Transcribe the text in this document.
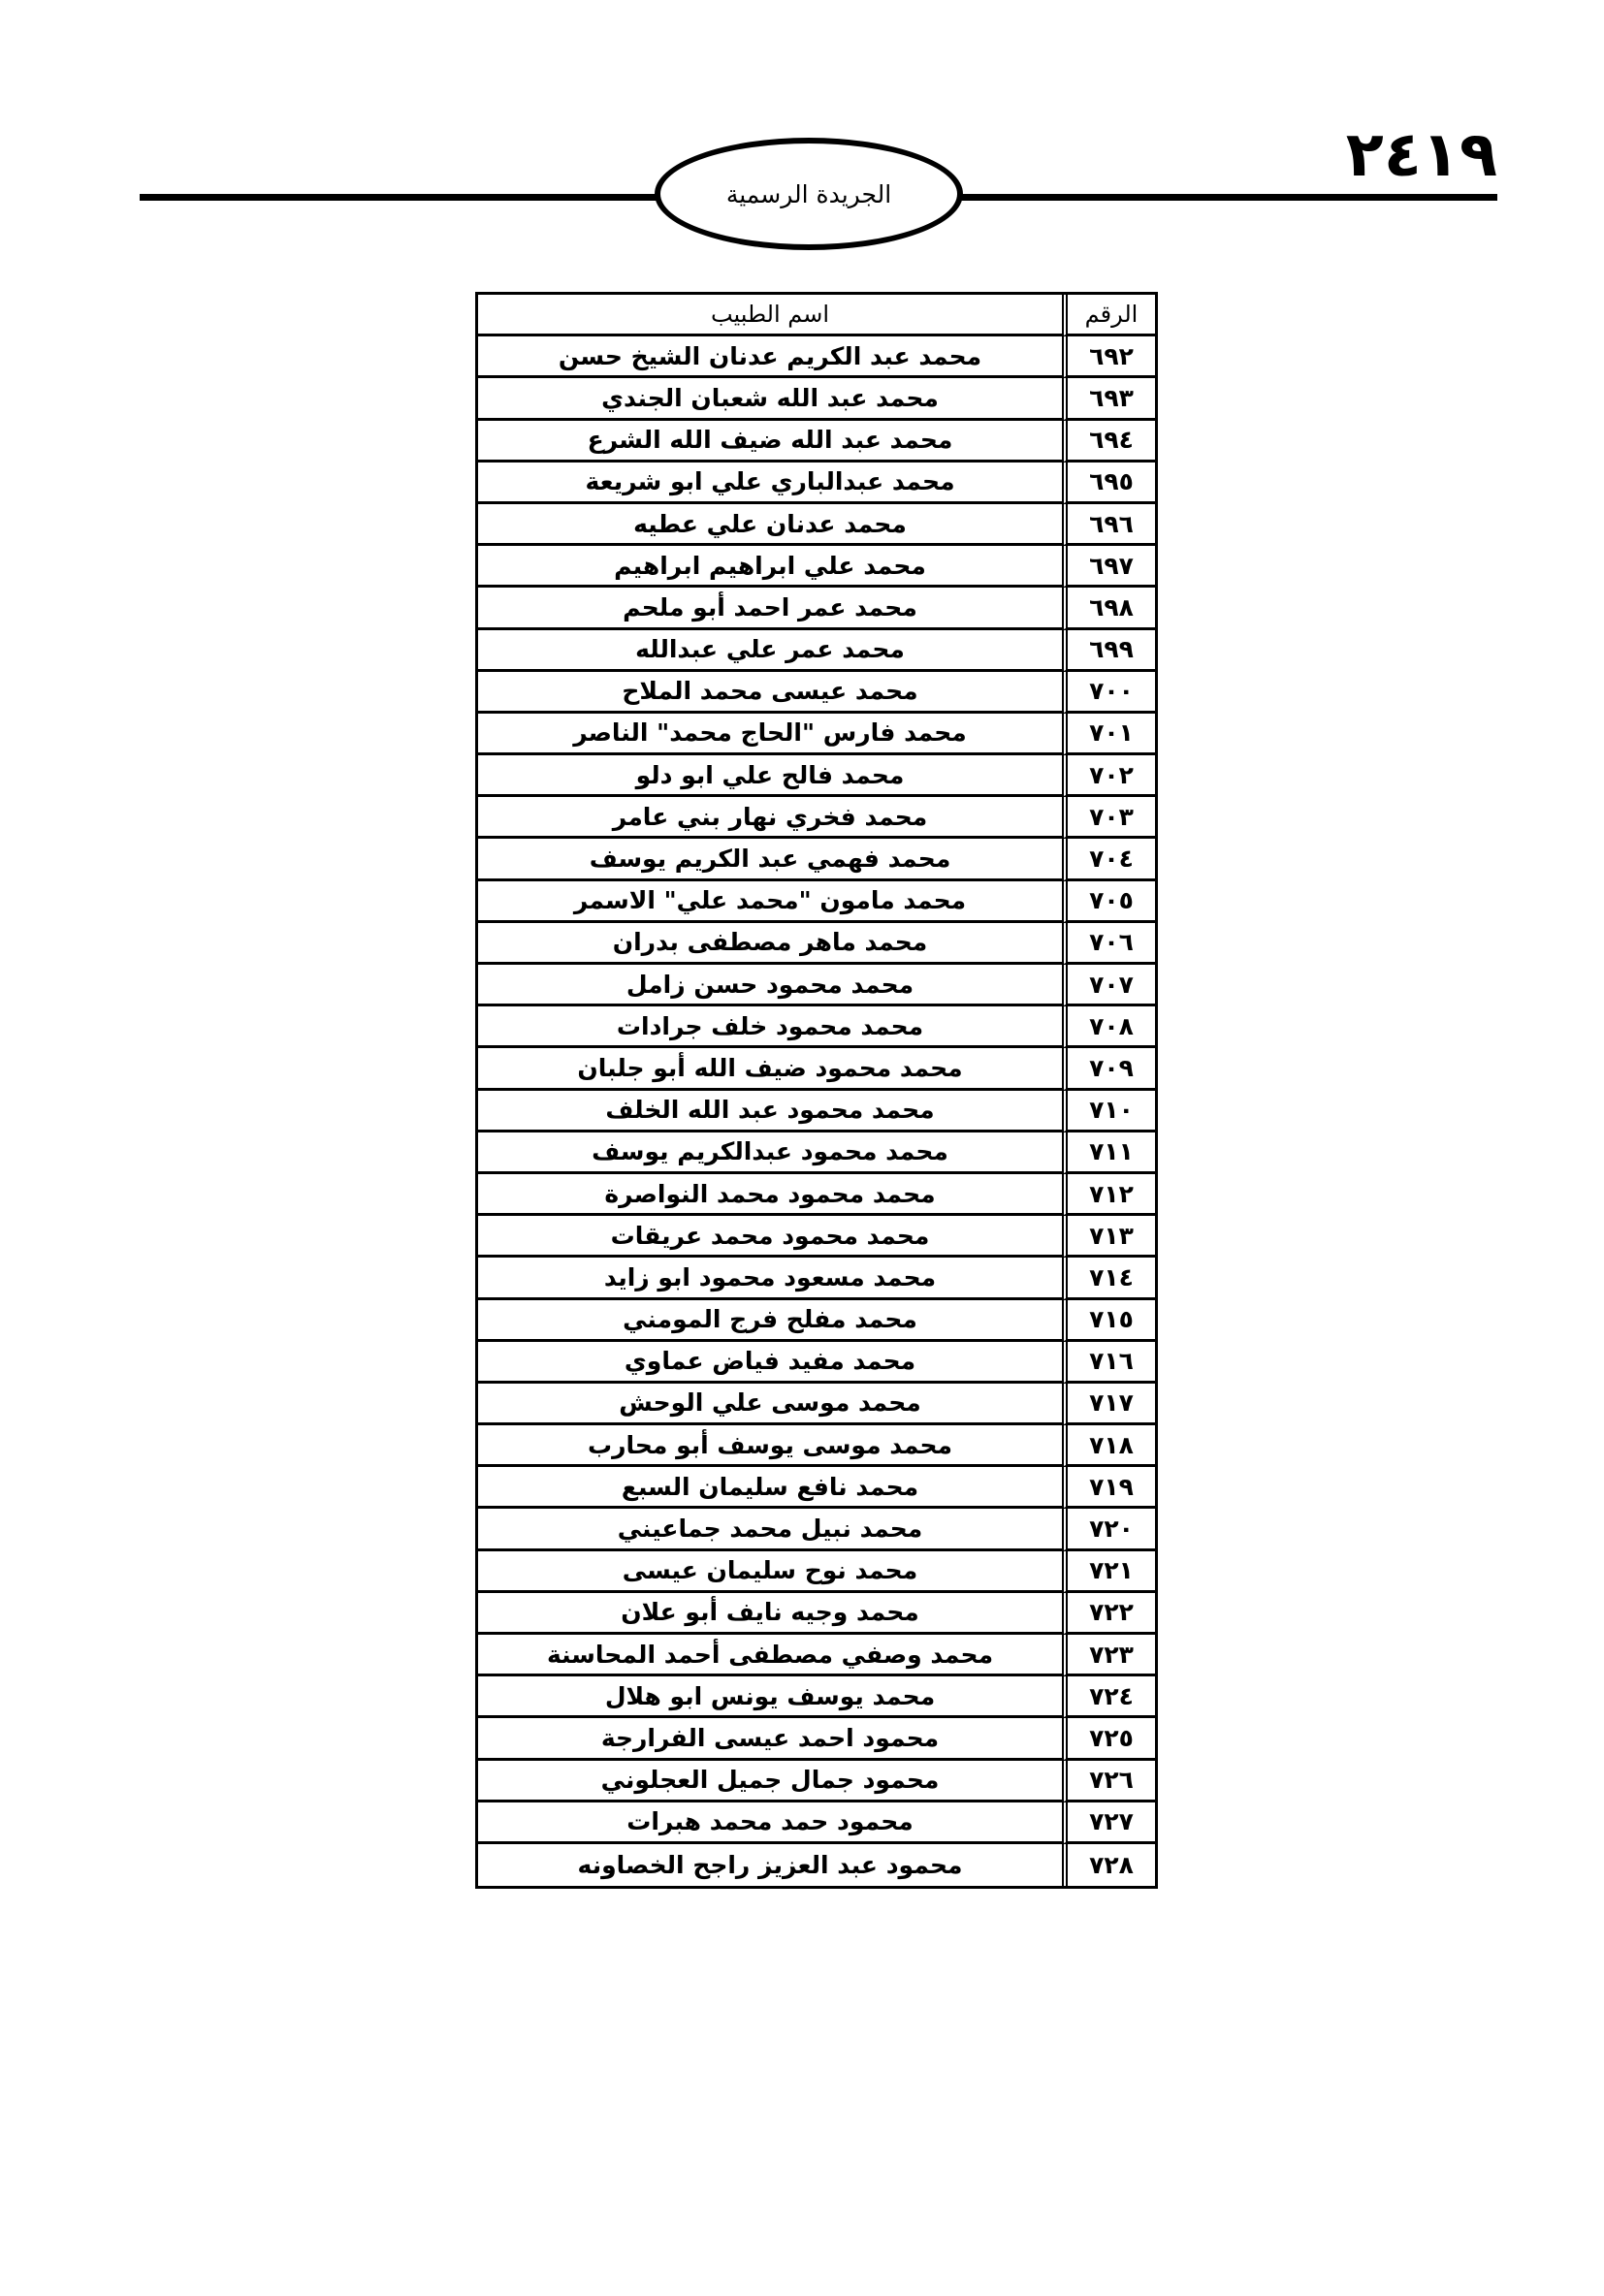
٢٤١٩
الجريدة الرسمية
الرقم	اسم الطبيب
٦٩٢	محمد عبد الكريم عدنان الشيخ حسن
٦٩٣	محمد عبد الله شعبان الجندي
٦٩٤	محمد عبد الله ضيف الله الشرع
٦٩٥	محمد عبدالباري علي ابو شريعة
٦٩٦	محمد عدنان علي عطيه
٦٩٧	محمد علي ابراهيم ابراهيم
٦٩٨	محمد عمر احمد أبو ملحم
٦٩٩	محمد عمر علي عبدالله
٧٠٠	محمد عيسى محمد الملاح
٧٠١	محمد فارس "الحاج محمد" الناصر
٧٠٢	محمد فالح علي ابو دلو
٧٠٣	محمد فخري نهار بني عامر
٧٠٤	محمد فهمي عبد الكريم يوسف
٧٠٥	محمد مامون "محمد علي" الاسمر
٧٠٦	محمد ماهر مصطفى بدران
٧٠٧	محمد محمود حسن زامل
٧٠٨	محمد محمود خلف جرادات
٧٠٩	محمد محمود ضيف الله أبو جلبان
٧١٠	محمد محمود عبد الله الخلف
٧١١	محمد محمود عبدالكريم يوسف
٧١٢	محمد محمود محمد النواصرة
٧١٣	محمد محمود محمد عريقات
٧١٤	محمد مسعود محمود ابو زايد
٧١٥	محمد مفلح فرج المومني
٧١٦	محمد مفيد فياض عماوي
٧١٧	محمد موسى علي الوحش
٧١٨	محمد موسى يوسف أبو محارب
٧١٩	محمد نافع سليمان السبع
٧٢٠	محمد نبيل محمد جماعيني
٧٢١	محمد نوح سليمان عيسى
٧٢٢	محمد وجيه نايف أبو علان
٧٢٣	محمد وصفي مصطفى أحمد المحاسنة
٧٢٤	محمد يوسف يونس ابو هلال
٧٢٥	محمود احمد عيسى الفرارجة
٧٢٦	محمود جمال جميل العجلوني
٧٢٧	محمود حمد محمد هبرات
٧٢٨	محمود عبد العزيز راجح الخصاونه
